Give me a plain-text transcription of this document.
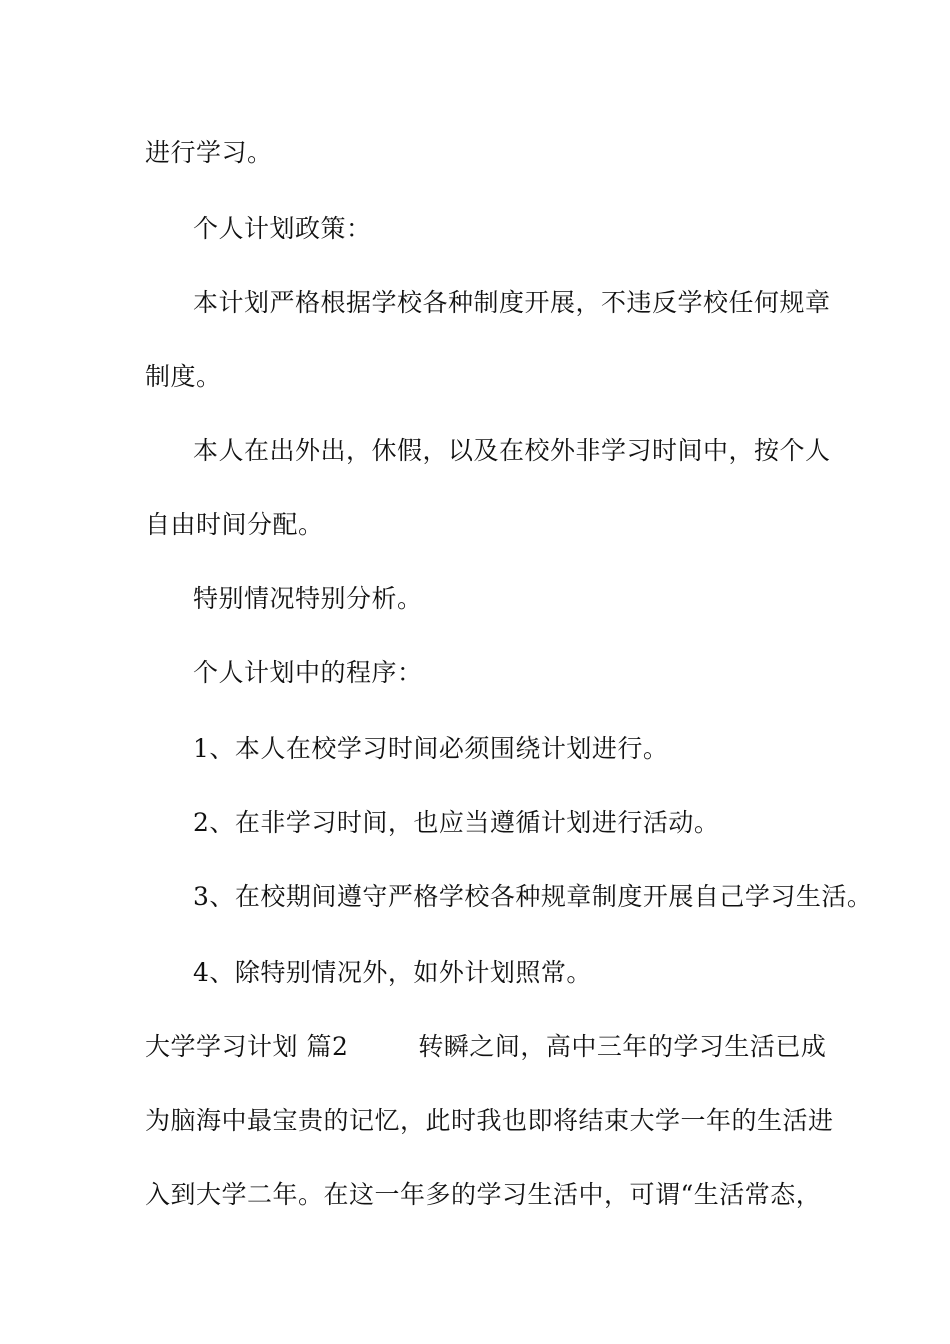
进行学习。
个人计划政策：
本计划严格根据学校各种制度开展，不违反学校任何规章
制度。
本人在出外出，休假，以及在校外非学习时间中，按个人
自由时间分配。
特别情况特别分析。
个人计划中的程序：
1、本人在校学习时间必须围绕计划进行。
2、在非学习时间，也应当遵循计划进行活动。
3、在校期间遵守严格学校各种规章制度开展自己学习生活。
4、除特别情况外，如外计划照常。
大学学习计划 篇2	转瞬之间，高中三年的学习生活已成
为脑海中最宝贵的记忆，此时我也即将结束大学一年的生活进
入到大学二年。在这一年多的学习生活中，可谓“生活常态，
